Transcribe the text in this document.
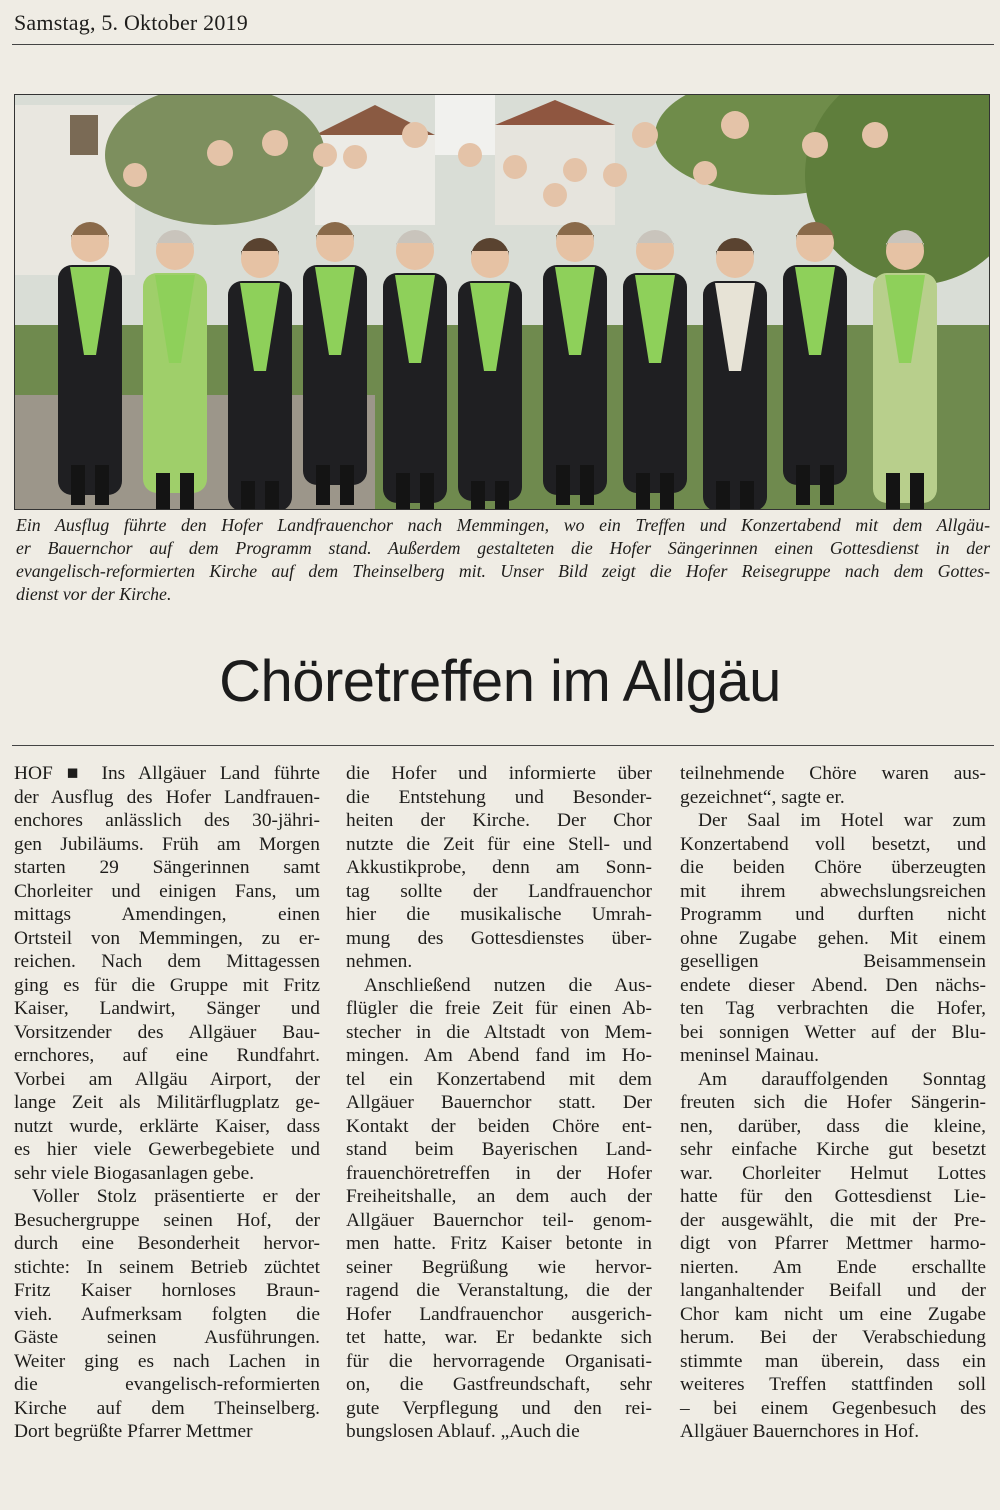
Samstag, 5. Oktober 2019
Ein Ausflug führte den Hofer Landfrauenchor nach Memmingen, wo ein Treffen und Konzertabend mit dem Allgäu-
er Bauernchor auf dem Programm stand. Außerdem gestalteten die Hofer Sängerinnen einen Gottesdienst in der
evangelisch-reformierten Kirche auf dem Theinselberg mit. Unser Bild zeigt die Hofer Reisegruppe nach dem Gottes-
dienst vor der Kirche.
Chöretreffen im Allgäu
HOF ■ Ins Allgäuer Land führte
der Ausflug des Hofer Landfrauen-
enchores anlässlich des 30-jähri-
gen Jubiläums. Früh am Morgen
starten 29 Sängerinnen samt
Chorleiter und einigen Fans, um
mittags Amendingen, einen
Ortsteil von Memmingen, zu er-
reichen. Nach dem Mittagessen
ging es für die Gruppe mit Fritz
Kaiser, Landwirt, Sänger und
Vorsitzender des Allgäuer Bau-
ernchores, auf eine Rundfahrt.
Vorbei am Allgäu Airport, der
lange Zeit als Militärflugplatz ge-
nutzt wurde, erklärte Kaiser, dass
es hier viele Gewerbegebiete und
sehr viele Biogasanlagen gebe.
Voller Stolz präsentierte er der
Besuchergruppe seinen Hof, der
durch eine Besonderheit hervor-
stichte: In seinem Betrieb züchtet
Fritz Kaiser hornloses Braun-
vieh. Aufmerksam folgten die
Gäste seinen Ausführungen.
Weiter ging es nach Lachen in
die evangelisch-reformierten
Kirche auf dem Theinselberg.
Dort begrüßte Pfarrer Mettmer
die Hofer und informierte über
die Entstehung und Besonder-
heiten der Kirche. Der Chor
nutzte die Zeit für eine Stell- und
Akkustikprobe, denn am Sonn-
tag sollte der Landfrauenchor
hier die musikalische Umrah-
mung des Gottesdienstes über-
nehmen.
Anschließend nutzen die Aus-
flügler die freie Zeit für einen Ab-
stecher in die Altstadt von Mem-
mingen. Am Abend fand im Ho-
tel ein Konzertabend mit dem
Allgäuer Bauernchor statt. Der
Kontakt der beiden Chöre ent-
stand beim Bayerischen Land-
frauenchöretreffen in der Hofer
Freiheitshalle, an dem auch der
Allgäuer Bauernchor teil- genom-
men hatte. Fritz Kaiser betonte in
seiner Begrüßung wie hervor-
ragend die Veranstaltung, die der
Hofer Landfrauenchor ausgerich-
tet hatte, war. Er bedankte sich
für die hervorragende Organisati-
on, die Gastfreundschaft, sehr
gute Verpflegung und den rei-
bungslosen Ablauf. „Auch die
teilnehmende Chöre waren aus-
gezeichnet“, sagte er.
Der Saal im Hotel war zum
Konzertabend voll besetzt, und
die beiden Chöre überzeugten
mit ihrem abwechslungsreichen
Programm und durften nicht
ohne Zugabe gehen. Mit einem
geselligen Beisammensein
endete dieser Abend. Den nächs-
ten Tag verbrachten die Hofer,
bei sonnigen Wetter auf der Blu-
meninsel Mainau.
Am darauffolgenden Sonntag
freuten sich die Hofer Sängerin-
nen, darüber, dass die kleine,
sehr einfache Kirche gut besetzt
war. Chorleiter Helmut Lottes
hatte für den Gottesdienst Lie-
der ausgewählt, die mit der Pre-
digt von Pfarrer Mettmer harmo-
nierten. Am Ende erschallte
langanhaltender Beifall und der
Chor kam nicht um eine Zugabe
herum. Bei der Verabschiedung
stimmte man überein, dass ein
weiteres Treffen stattfinden soll
– bei einem Gegenbesuch des
Allgäuer Bauernchores in Hof.
